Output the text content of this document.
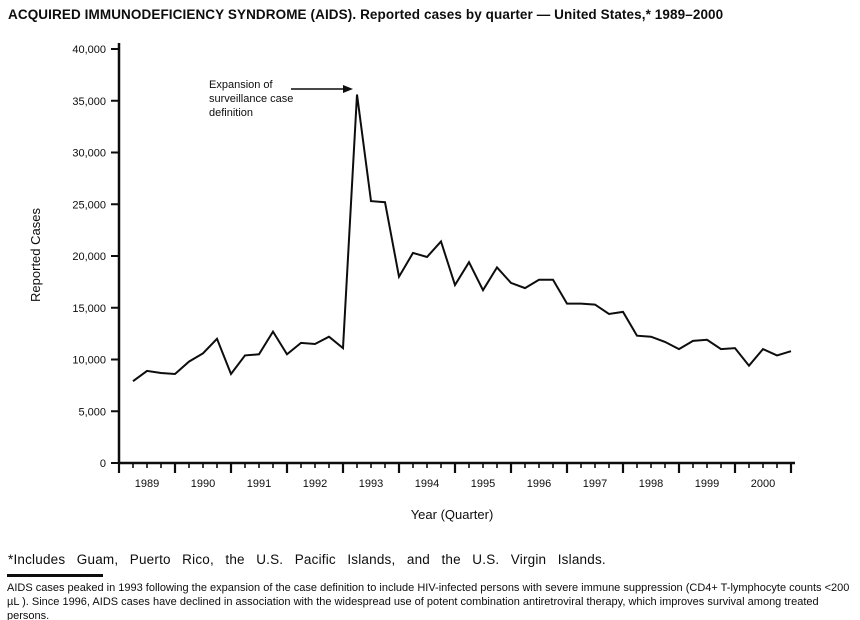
ACQUIRED IMMUNODEFICIENCY SYNDROME (AIDS). Reported cases by quarter — United States,* 1989–2000
Expansion of
surveillance case
definition
Reported Cases
Year (Quarter)
0
5,000
10,000
15,000
20,000
25,000
30,000
35,000
40,000
1989	1990	1991	1992	1993	1994	1995	1996	1997	1998	1999	2000
*Includes Guam, Puerto Rico, the U.S. Pacific Islands, and the U.S. Virgin Islands.
AIDS cases peaked in 1993 following the expansion of the case definition to include HIV-infected persons with severe immune suppression (CD4+ T-lymphocyte counts <200 µL ). Since 1996, AIDS cases have declined in association with the widespread use of potent combination antiretroviral therapy, which improves survival among treated persons.
